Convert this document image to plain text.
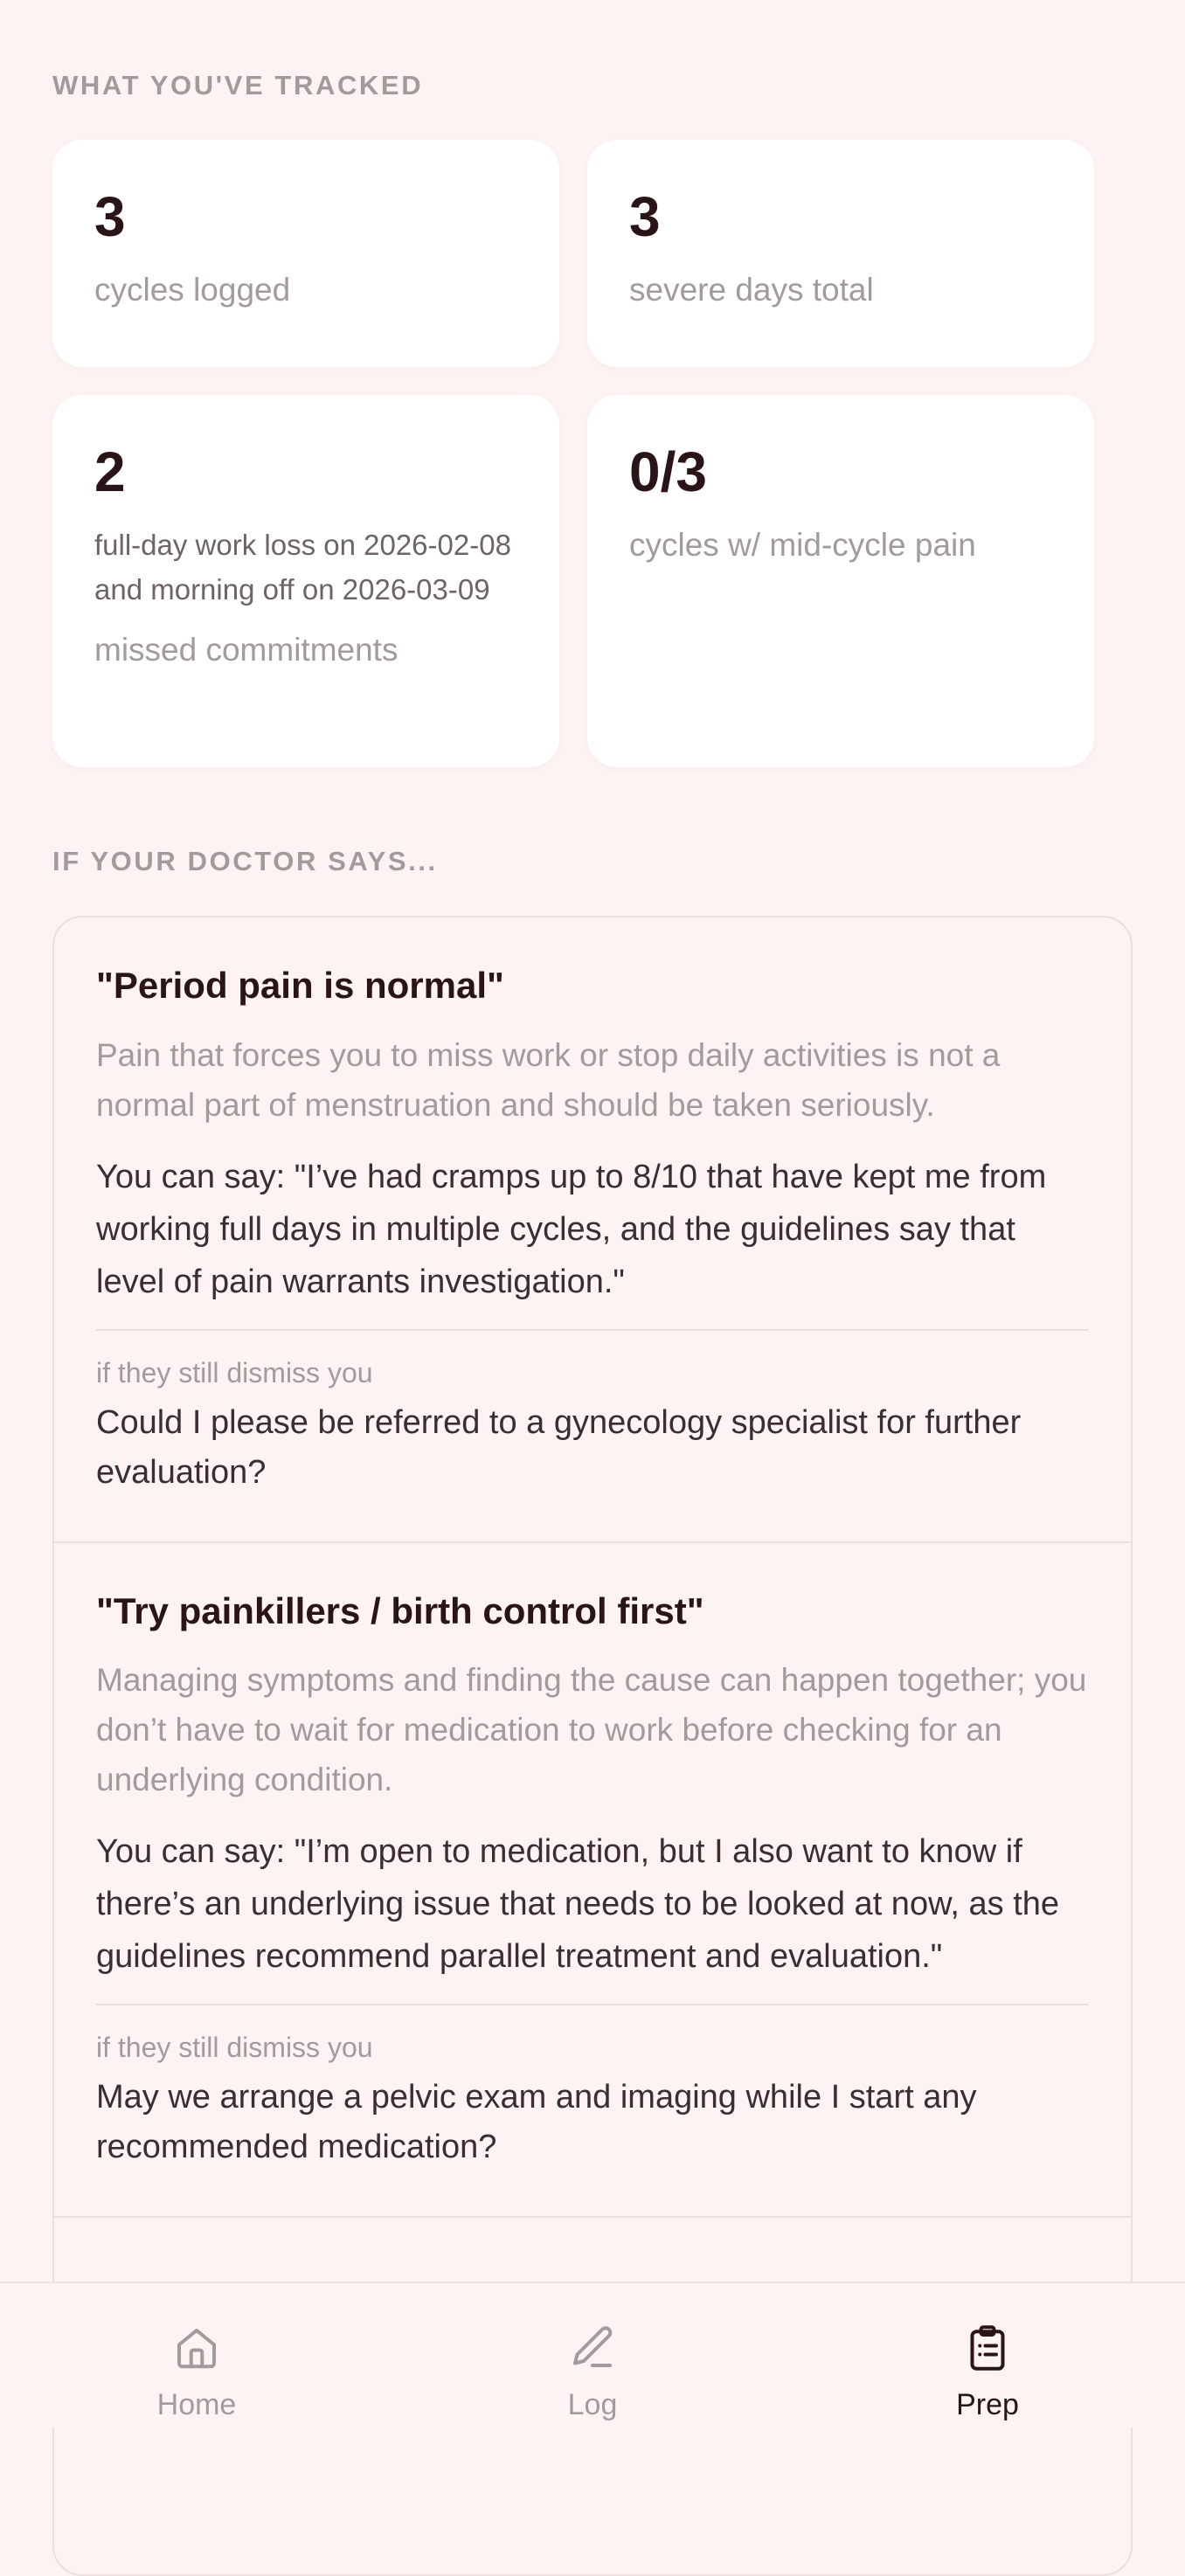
WHAT YOU'VE TRACKED

3

cycles logged

3

severe days total

2

full-day work loss on 2026-02-08 and morning off on 2026-03-09

missed commitments

0/3

cycles w/ mid-cycle pain

IF YOUR DOCTOR SAYS...
"Period pain is normal"

Pain that forces you to miss work or stop daily activities is not a normal part of menstruation and should be taken seriously.

You can say: "I’ve had cramps up to 8/10 that have kept me from working full days in multiple cycles, and the guidelines say that level of pain warrants investigation."

if they still dismiss you

Could I please be referred to a gynecology specialist for further evaluation?

"Try painkillers / birth control first"

Managing symptoms and finding the cause can happen together; you don’t have to wait for medication to work before checking for an underlying condition.

You can say: "I’m open to medication, but I also want to know if there’s an underlying issue that needs to be looked at now, as the guidelines recommend parallel treatment and evaluation."

if they still dismiss you

May we arrange a pelvic exam and imaging while I start any recommended medication?

Home	Log	Prep
